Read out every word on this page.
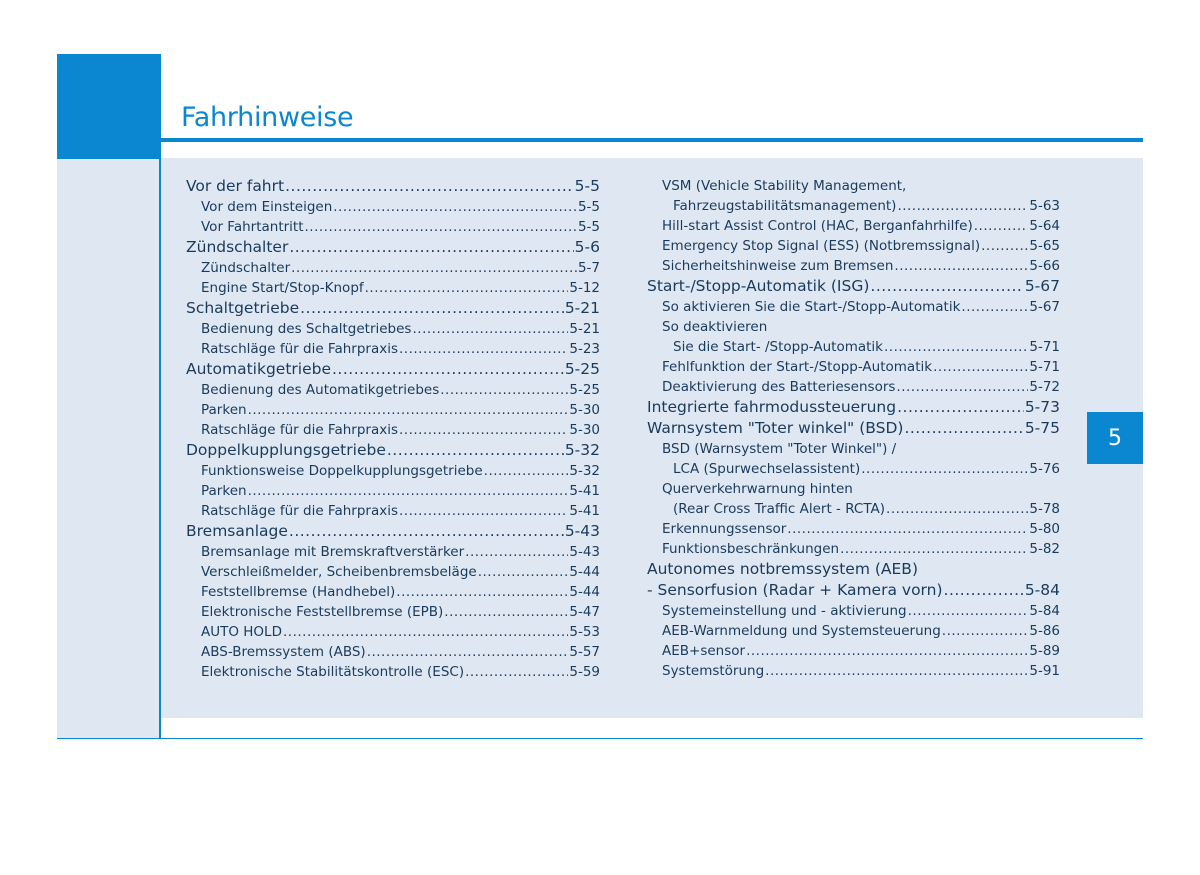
Fahrhinweise
5
Vor der fahrt .....	5-5
Vor dem Einsteigen .....	5-5
Vor Fahrtantritt .....	5-5
Zündschalter .....	5-6
Zündschalter .....	5-7
Engine Start/Stop-Knopf .....	5-12
Schaltgetriebe .....	5-21
Bedienung des Schaltgetriebes .....	5-21
Ratschläge für die Fahrpraxis .....	5-23
Automatikgetriebe .....	5-25
Bedienung des Automatikgetriebes .....	5-25
Parken .....	5-30
Ratschläge für die Fahrpraxis .....	5-30
Doppelkupplungsgetriebe .....	5-32
Funktionsweise Doppelkupplungsgetriebe .....	5-32
Parken .....	5-41
Ratschläge für die Fahrpraxis .....	5-41
Bremsanlage .....	5-43
Bremsanlage mit Bremskraftverstärker .....	5-43
Verschleißmelder, Scheibenbremsbeläge .....	5-44
Feststellbremse (Handhebel) .....	5-44
Elektronische Feststellbremse (EPB) .....	5-47
AUTO HOLD .....	5-53
ABS-Bremssystem (ABS) .....	5-57
Elektronische Stabilitätskontrolle (ESC) .....	5-59
VSM (Vehicle Stability Management,
Fahrzeugstabilitätsmanagement) .....	5-63
Hill-start Assist Control (HAC, Berganfahrhilfe) .....	5-64
Emergency Stop Signal (ESS) (Notbremssignal) .....	5-65
Sicherheitshinweise zum Bremsen .....	5-66
Start-/Stopp-Automatik (ISG) .....	5-67
So aktivieren Sie die Start-/Stopp-Automatik .....	5-67
So deaktivieren
Sie die Start- /Stopp-Automatik .....	5-71
Fehlfunktion der Start-/Stopp-Automatik .....	5-71
Deaktivierung des Batteriesensors .....	5-72
Integrierte fahrmodussteuerung .....	5-73
Warnsystem "Toter winkel" (BSD) .....	5-75
BSD (Warnsystem "Toter Winkel") /
LCA (Spurwechselassistent) .....	5-76
Querverkehrwarnung hinten
(Rear Cross Traffic Alert - RCTA) .....	5-78
Erkennungssensor .....	5-80
Funktionsbeschränkungen .....	5-82
Autonomes notbremssystem (AEB)
- Sensorfusion (Radar + Kamera vorn) .....	5-84
Systemeinstellung und - aktivierung .....	5-84
AEB-Warnmeldung und Systemsteuerung .....	5-86
AEB+sensor .....	5-89
Systemstörung .....	5-91
